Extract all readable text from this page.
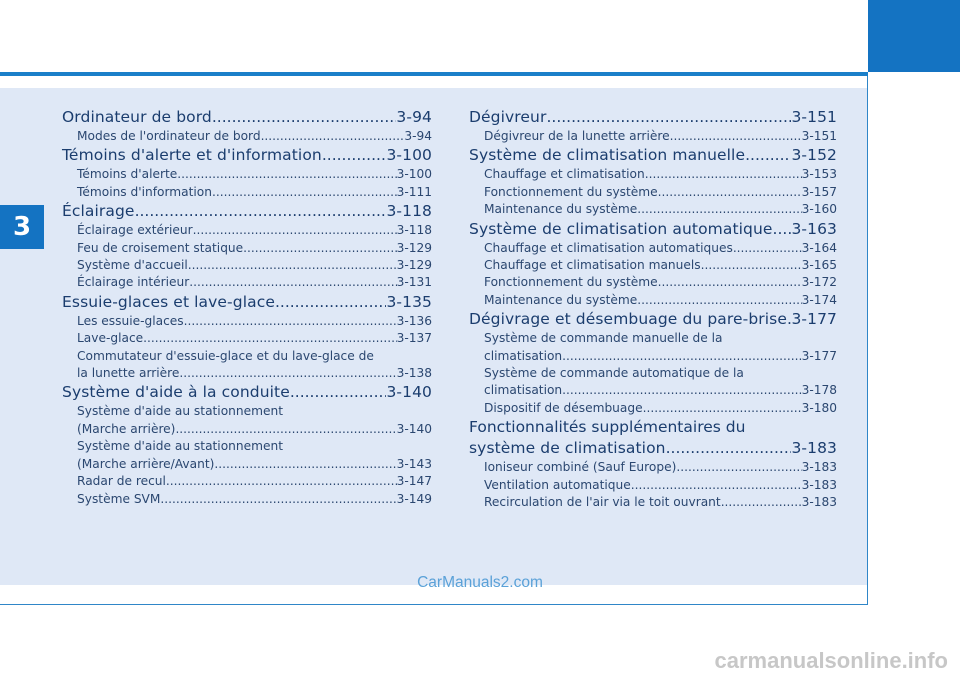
3
Ordinateur de bord .....	3-94
Modes de l'ordinateur de bord .....	3-94
Témoins d'alerte et d'information .....	3-100
Témoins d'alerte .....	3-100
Témoins d'information .....	3-111
Éclairage .....	3-118
Éclairage extérieur .....	3-118
Feu de croisement statique .....	3-129
Système d'accueil .....	3-129
Éclairage intérieur .....	3-131
Essuie-glaces et lave-glace .....	3-135
Les essuie-glaces .....	3-136
Lave-glace .....	3-137
Commutateur d'essuie-glace et du lave-glace de
la lunette arrière .....	3-138
Système d'aide à la conduite .....	3-140
Système d'aide au stationnement
(Marche arrière) .....	3-140
Système d'aide au stationnement
(Marche arrière/Avant) .....	3-143
Radar de recul .....	3-147
Système SVM .....	3-149
Dégivreur .....	3-151
Dégivreur de la lunette arrière .....	3-151
Système de climatisation manuelle .....	3-152
Chauffage et climatisation .....	3-153
Fonctionnement du système .....	3-157
Maintenance du système .....	3-160
Système de climatisation automatique ..... 3-163
Chauffage et climatisation automatiques .....	3-164
Chauffage et climatisation manuels .....	3-165
Fonctionnement du système .....	3-172
Maintenance du système .....	3-174
Dégivrage et désembuage du pare-brise ..... 3-177
Système de commande manuelle de la
climatisation .....	3-177
Système de commande automatique de la
climatisation .....	3-178
Dispositif de désembuage .....	3-180
Fonctionnalités supplémentaires du
système de climatisation .....	3-183
Ioniseur combiné (Sauf Europe) .....	3-183
Ventilation automatique .....	3-183
Recirculation de l'air via le toit ouvrant .....	3-183
CarManuals2.com
carmanualsonline.info
